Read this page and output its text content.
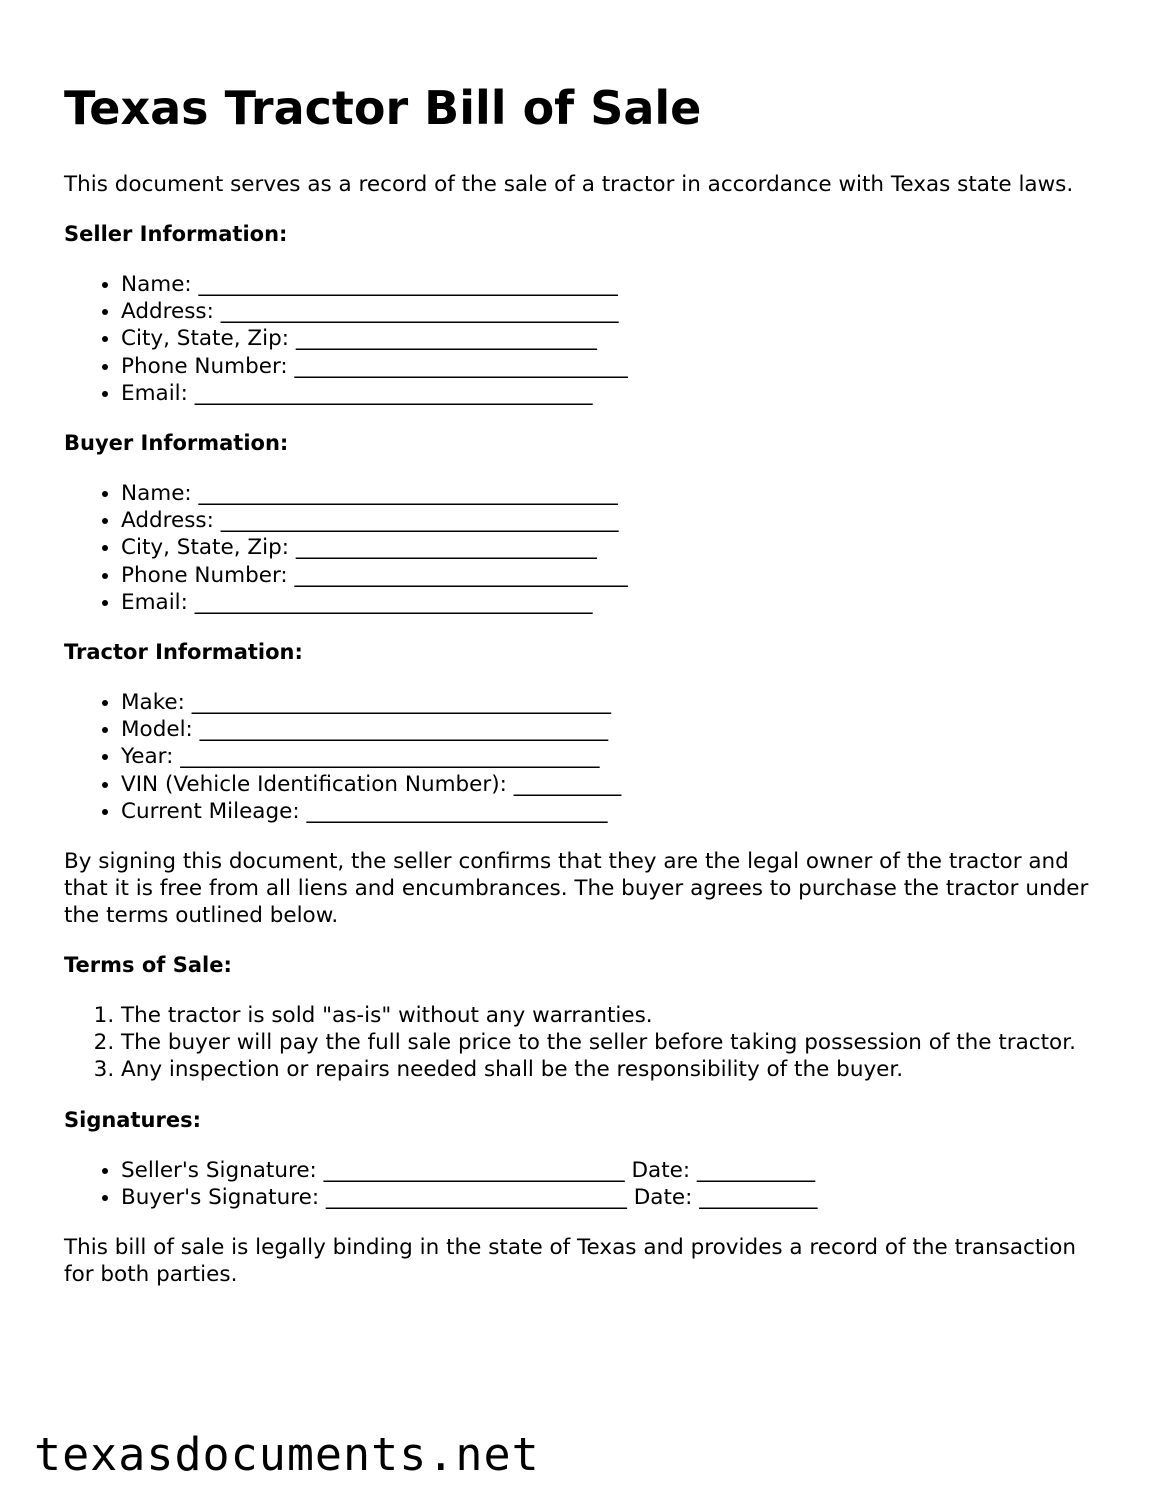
Texas Tractor Bill of Sale

This document serves as a record of the sale of a tractor in accordance with Texas state laws.

Seller Information:
• Name: _______________________________________
• Address: _____________________________________
• City, State, Zip: ____________________________
• Phone Number: _______________________________
• Email: _____________________________________
Buyer Information:
• Name: _______________________________________
• Address: _____________________________________
• City, State, Zip: ____________________________
• Phone Number: _______________________________
• Email: _____________________________________
Tractor Information:
• Make: _______________________________________
• Model: ______________________________________
• Year: _______________________________________
• VIN (Vehicle Identification Number): __________
• Current Mileage: ____________________________

By signing this document, the seller confirms that they are the legal owner of the tractor and that it is free from all liens and encumbrances. The buyer agrees to purchase the tractor under the terms outlined below.

Terms of Sale:
1. The tractor is sold "as-is" without any warranties.
2. The buyer will pay the full sale price to the seller before taking possession of the tractor.
3. Any inspection or repairs needed shall be the responsibility of the buyer.
Signatures:
• Seller's Signature: ____________________________ Date: ___________
• Buyer's Signature: ____________________________ Date: ___________

This bill of sale is legally binding in the state of Texas and provides a record of the transaction for both parties.

texasdocuments.net
